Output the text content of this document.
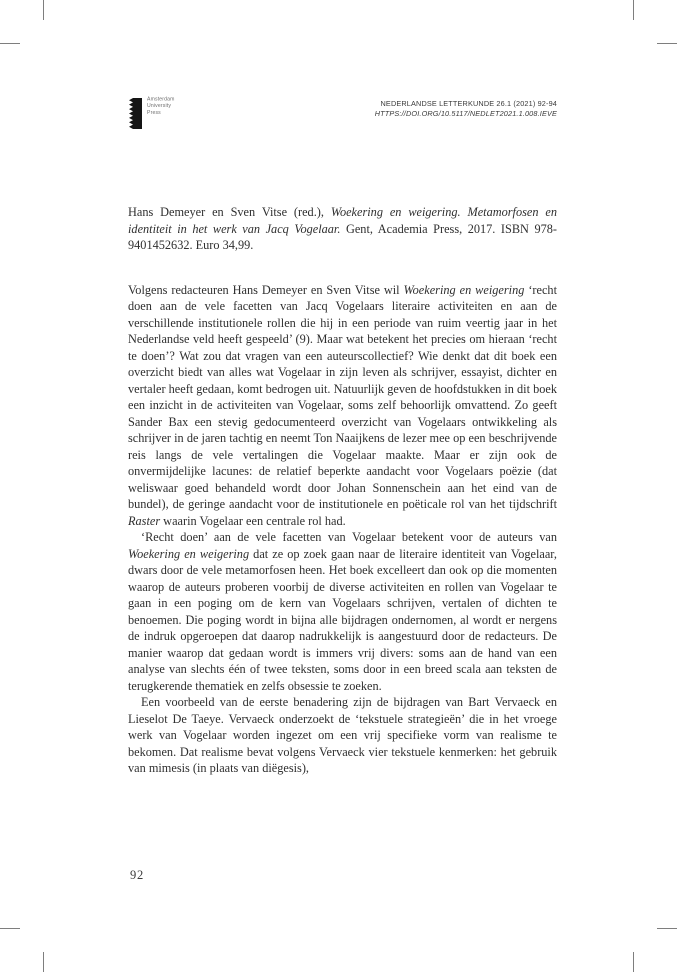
Amsterdam
University
Press
NEDERLANDSE LETTERKUNDE 26.1 (2021) 92-94
HTTPS://DOI.ORG/10.5117/NEDLET2021.1.008.IEVE

Hans Demeyer en Sven Vitse (red.), Woekering en weigering. Metamorfosen en identiteit in het werk van Jacq Vogelaar. Gent, Academia Press, 2017. ISBN 978-9401452632. Euro 34,99.

Volgens redacteuren Hans Demeyer en Sven Vitse wil Woekering en weigering ‘recht doen aan de vele facetten van Jacq Vogelaars literaire activiteiten en aan de verschillende institutionele rollen die hij in een periode van ruim veertig jaar in het Nederlandse veld heeft gespeeld’ (9). Maar wat betekent het precies om hieraan ‘recht te doen’? Wat zou dat vragen van een auteurscollectief? Wie denkt dat dit boek een overzicht biedt van alles wat Vogelaar in zijn leven als schrijver, essayist, dichter en vertaler heeft gedaan, komt bedrogen uit. Natuurlijk geven de hoofdstukken in dit boek een inzicht in de activiteiten van Vogelaar, soms zelf behoorlijk omvattend. Zo geeft Sander Bax een stevig gedocumenteerd overzicht van Vogelaars ontwikkeling als schrijver in de jaren tachtig en neemt Ton Naaijkens de lezer mee op een beschrijvende reis langs de vele vertalingen die Vogelaar maakte. Maar er zijn ook de onvermijdelijke lacunes: de relatief beperkte aandacht voor Vogelaars poëzie (dat weliswaar goed behandeld wordt door Johan Sonnenschein aan het eind van de bundel), de geringe aandacht voor de institutionele en poëticale rol van het tijdschrift Raster waarin Vogelaar een centrale rol had.

‘Recht doen’ aan de vele facetten van Vogelaar betekent voor de auteurs van Woekering en weigering dat ze op zoek gaan naar de literaire identiteit van Vogelaar, dwars door de vele metamorfosen heen. Het boek excelleert dan ook op die momenten waarop de auteurs proberen voorbij de diverse activiteiten en rollen van Vogelaar te gaan in een poging om de kern van Vogelaars schrijven, vertalen of dichten te benoemen. Die poging wordt in bijna alle bijdragen ondernomen, al wordt er nergens de indruk opgeroepen dat daarop nadrukkelijk is aangestuurd door de redacteurs. De manier waarop dat gedaan wordt is immers vrij divers: soms aan de hand van een analyse van slechts één of twee teksten, soms door in een breed scala aan teksten de terugkerende thematiek en zelfs obsessie te zoeken.

Een voorbeeld van de eerste benadering zijn de bijdragen van Bart Vervaeck en Lieselot De Taeye. Vervaeck onderzoekt de ‘tekstuele strategieën’ die in het vroege werk van Vogelaar worden ingezet om een vrij specifieke vorm van realisme te bekomen. Dat realisme bevat volgens Vervaeck vier tekstuele kenmerken: het gebruik van mimesis (in plaats van diëgesis),

92
